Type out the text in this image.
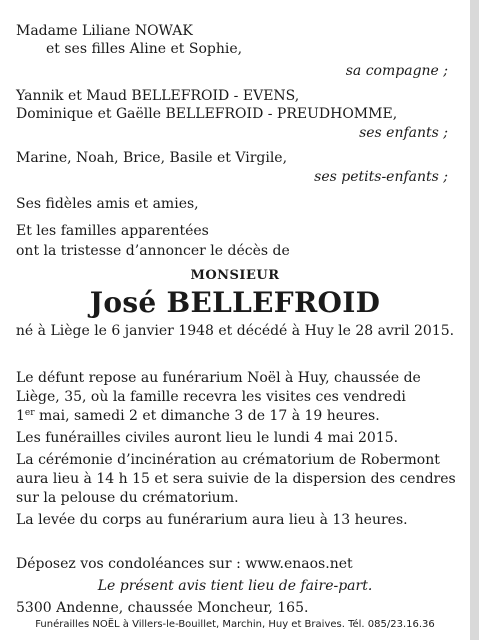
Madame Liliane NOWAK

et ses filles Aline et Sophie,

sa compagne ;

Yannik et Maud BELLEFROID - EVENS,

Dominique et Gaëlle BELLEFROID - PREUDHOMME,

ses enfants ;

Marine, Noah, Brice, Basile et Virgile,

ses petits-enfants ;

Ses fidèles amis et amies,

Et les familles apparentées

ont la tristesse d’annoncer le décès de

MONSIEUR

José BELLEFROID

né à Liège le 6 janvier 1948 et décédé à Huy le 28 avril 2015.

Le défunt repose au funérarium Noël à Huy, chaussée de

Liège, 35, où la famille recevra les visites ces vendredi

1er mai, samedi 2 et dimanche 3 de 17 à 19 heures.

Les funérailles civiles auront lieu le lundi 4 mai 2015.

La cérémonie d’incinération au crématorium de Robermont

aura lieu à 14 h 15 et sera suivie de la dispersion des cendres

sur la pelouse du crématorium.

La levée du corps au funérarium aura lieu à 13 heures.

Déposez vos condoléances sur : www.enaos.net

Le présent avis tient lieu de faire-part.

5300 Andenne, chaussée Moncheur, 165.

Funérailles NOËL à Villers-le-Bouillet, Marchin, Huy et Braives. Tél. 085/23.16.36
